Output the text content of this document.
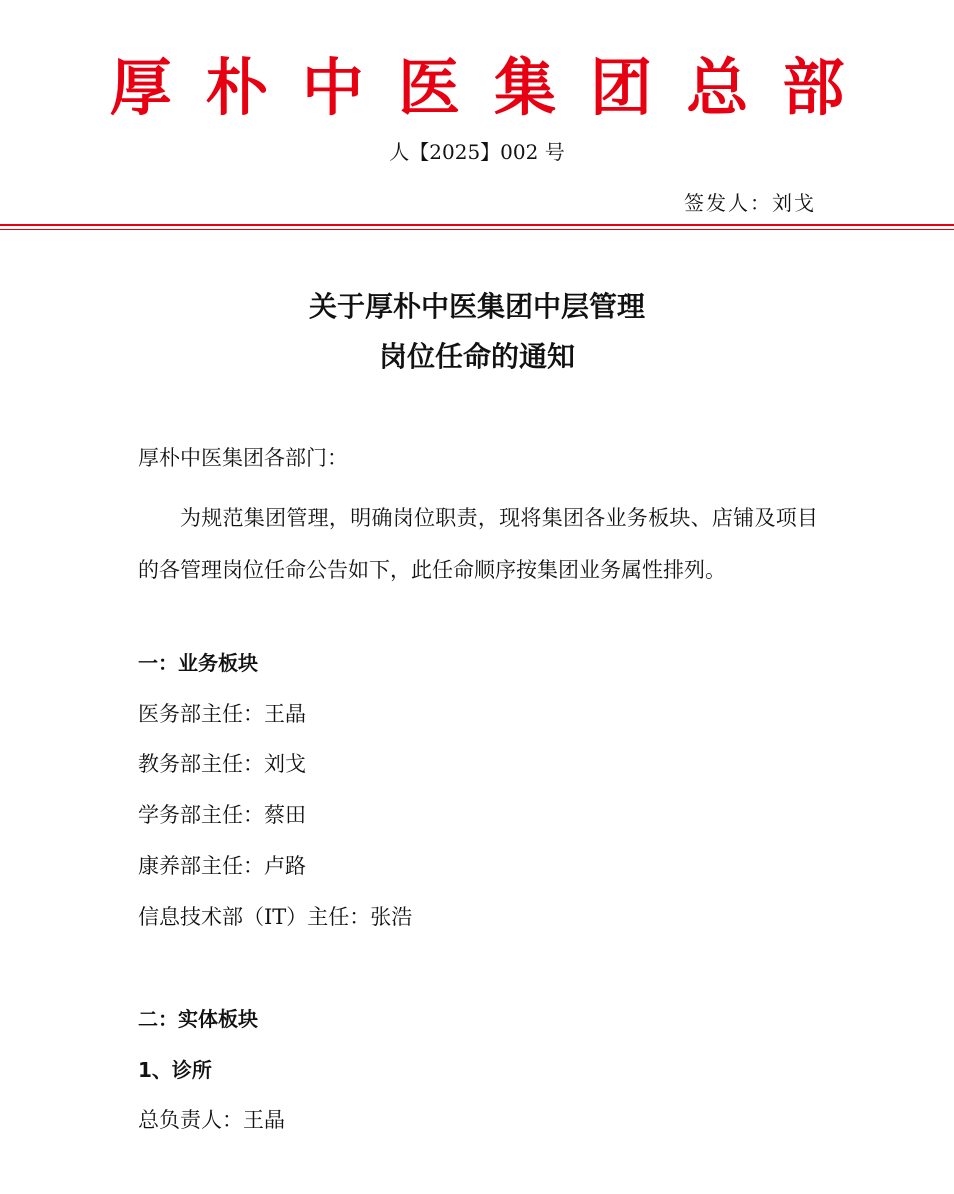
厚朴中医集团总部
人【2025】002 号
签发人：刘戈
关于厚朴中医集团中层管理
岗位任命的通知
厚朴中医集团各部门：
为规范集团管理，明确岗位职责，现将集团各业务板块、店铺及项目的各管理岗位任命公告如下，此任命顺序按集团业务属性排列。
一：业务板块
医务部主任：王晶
教务部主任：刘戈
学务部主任：蔡田
康养部主任：卢路
信息技术部（IT）主任：张浩
二：实体板块
1、诊所
总负责人：王晶
